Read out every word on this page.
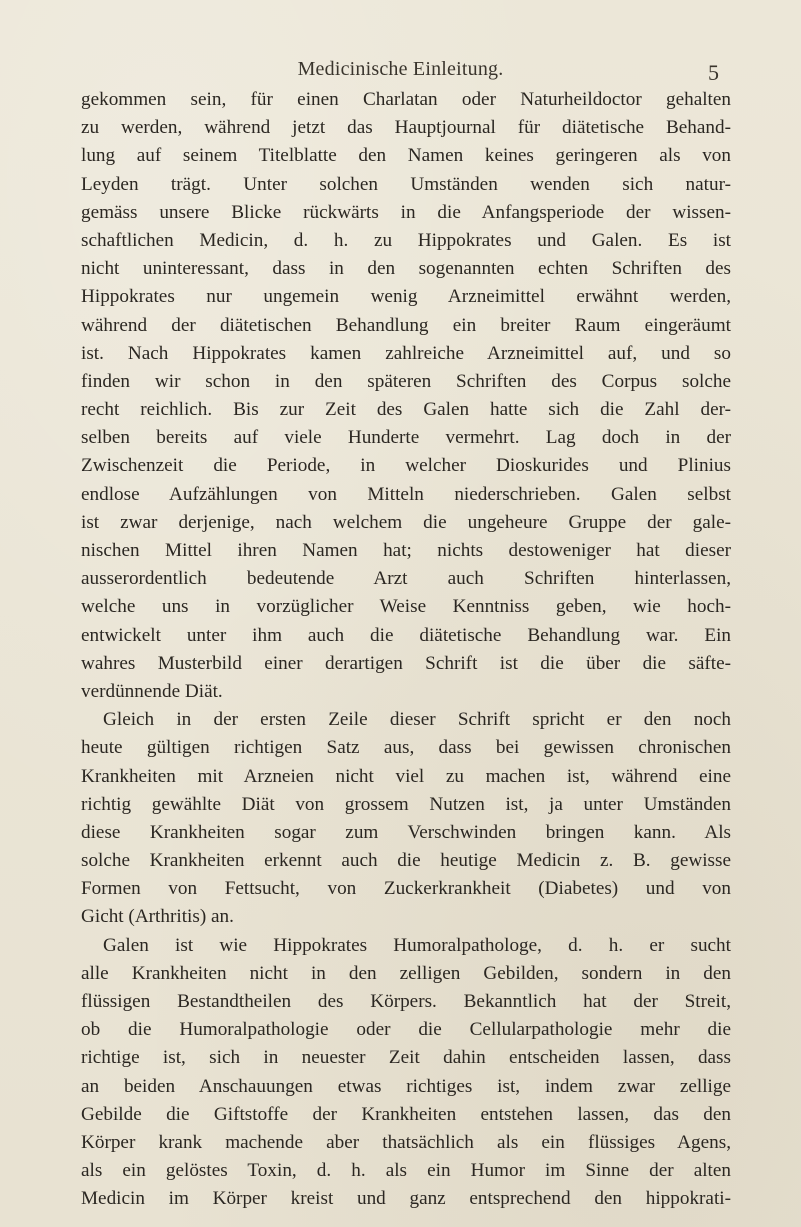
Medicinische Einleitung.	5
gekommen sein, für einen Charlatan oder Naturheildoctor gehalten
zu werden, während jetzt das Hauptjournal für diätetische Behand-
lung auf seinem Titelblatte den Namen keines geringeren als von
Leyden trägt. Unter solchen Umständen wenden sich natur-
gemäss unsere Blicke rückwärts in die Anfangsperiode der wissen-
schaftlichen Medicin, d. h. zu Hippokrates und Galen. Es ist
nicht uninteressant, dass in den sogenannten echten Schriften des
Hippokrates nur ungemein wenig Arzneimittel erwähnt werden,
während der diätetischen Behandlung ein breiter Raum eingeräumt
ist. Nach Hippokrates kamen zahlreiche Arzneimittel auf, und so
finden wir schon in den späteren Schriften des Corpus solche
recht reichlich. Bis zur Zeit des Galen hatte sich die Zahl der-
selben bereits auf viele Hunderte vermehrt. Lag doch in der
Zwischenzeit die Periode, in welcher Dioskurides und Plinius
endlose Aufzählungen von Mitteln niederschrieben. Galen selbst
ist zwar derjenige, nach welchem die ungeheure Gruppe der gale-
nischen Mittel ihren Namen hat; nichts destoweniger hat dieser
ausserordentlich bedeutende Arzt auch Schriften hinterlassen,
welche uns in vorzüglicher Weise Kenntniss geben, wie hoch-
entwickelt unter ihm auch die diätetische Behandlung war. Ein
wahres Musterbild einer derartigen Schrift ist die über die säfte-
verdünnende Diät.
Gleich in der ersten Zeile dieser Schrift spricht er den noch
heute gültigen richtigen Satz aus, dass bei gewissen chronischen
Krankheiten mit Arzneien nicht viel zu machen ist, während eine
richtig gewählte Diät von grossem Nutzen ist, ja unter Umständen
diese Krankheiten sogar zum Verschwinden bringen kann. Als
solche Krankheiten erkennt auch die heutige Medicin z. B. gewisse
Formen von Fettsucht, von Zuckerkrankheit (Diabetes) und von
Gicht (Arthritis) an.
Galen ist wie Hippokrates Humoralpathologe, d. h. er sucht
alle Krankheiten nicht in den zelligen Gebilden, sondern in den
flüssigen Bestandtheilen des Körpers. Bekanntlich hat der Streit,
ob die Humoralpathologie oder die Cellularpathologie mehr die
richtige ist, sich in neuester Zeit dahin entscheiden lassen, dass
an beiden Anschauungen etwas richtiges ist, indem zwar zellige
Gebilde die Giftstoffe der Krankheiten entstehen lassen, das den
Körper krank machende aber thatsächlich als ein flüssiges Agens,
als ein gelöstes Toxin, d. h. als ein Humor im Sinne der alten
Medicin im Körper kreist und ganz entsprechend den hippokrati-
